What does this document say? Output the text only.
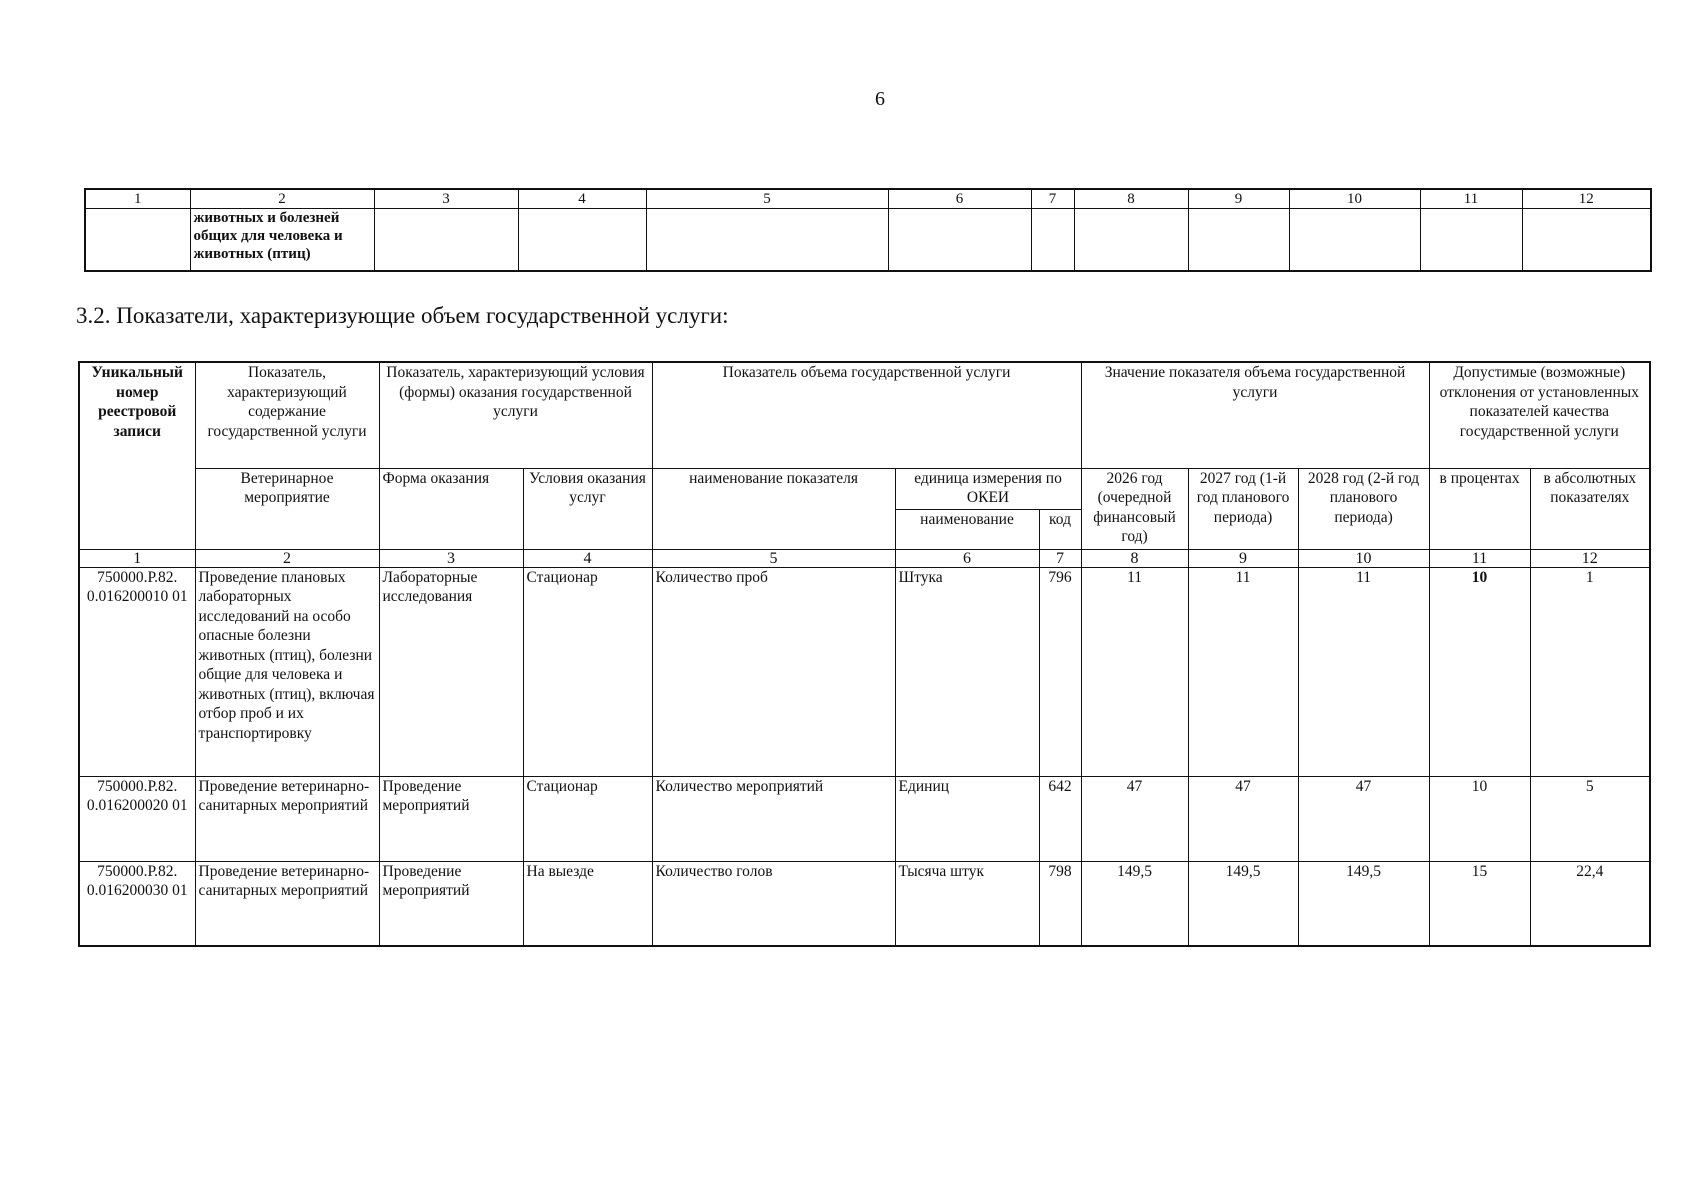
6
1	2	3	4	5	6	7	8	9	10	11	12
	животных и болезней общих для человека и животных (птиц)										
3.2. Показатели, характеризующие объем государственной услуги:
Уникальный номер реестровой записи	Показатель, характеризующий содержание государственной услуги	Показатель, характеризующий условия (формы) оказания государственной услуги		Показатель объема государственной услуги			Значение показателя объема государственной услуги			Допустимые (возможные) отклонения от установленных показателей качества государственной услуги	
	Ветеринарное мероприятие	Форма оказания	Условия оказания услуг	наименование показателя	единица измерения по ОКЕИ		2026 год (очередной финансовый год)	2027 год (1-й год планового периода)	2028 год (2-й год планового периода)	в процентах	в абсолютных показателях
					наименование	код					
1	2	3	4	5	6	7	8	9	10	11	12
750000.Р.82. 0.016200010 01	Проведение плановых лабораторных исследований на особо опасные болезни животных (птиц), болезни общие для человека и животных (птиц), включая отбор проб и их транспортировку	Лабораторные исследования	Стационар	Количество проб	Штука	796	11	11	11	10	1
750000.Р.82. 0.016200020 01	Проведение ветеринарно-санитарных мероприятий	Проведение мероприятий	Стационар	Количество мероприятий	Единиц	642	47	47	47	10	5
750000.Р.82. 0.016200030 01	Проведение ветеринарно-санитарных мероприятий	Проведение мероприятий	На выезде	Количество голов	Тысяча штук	798	149,5	149,5	149,5	15	22,4
